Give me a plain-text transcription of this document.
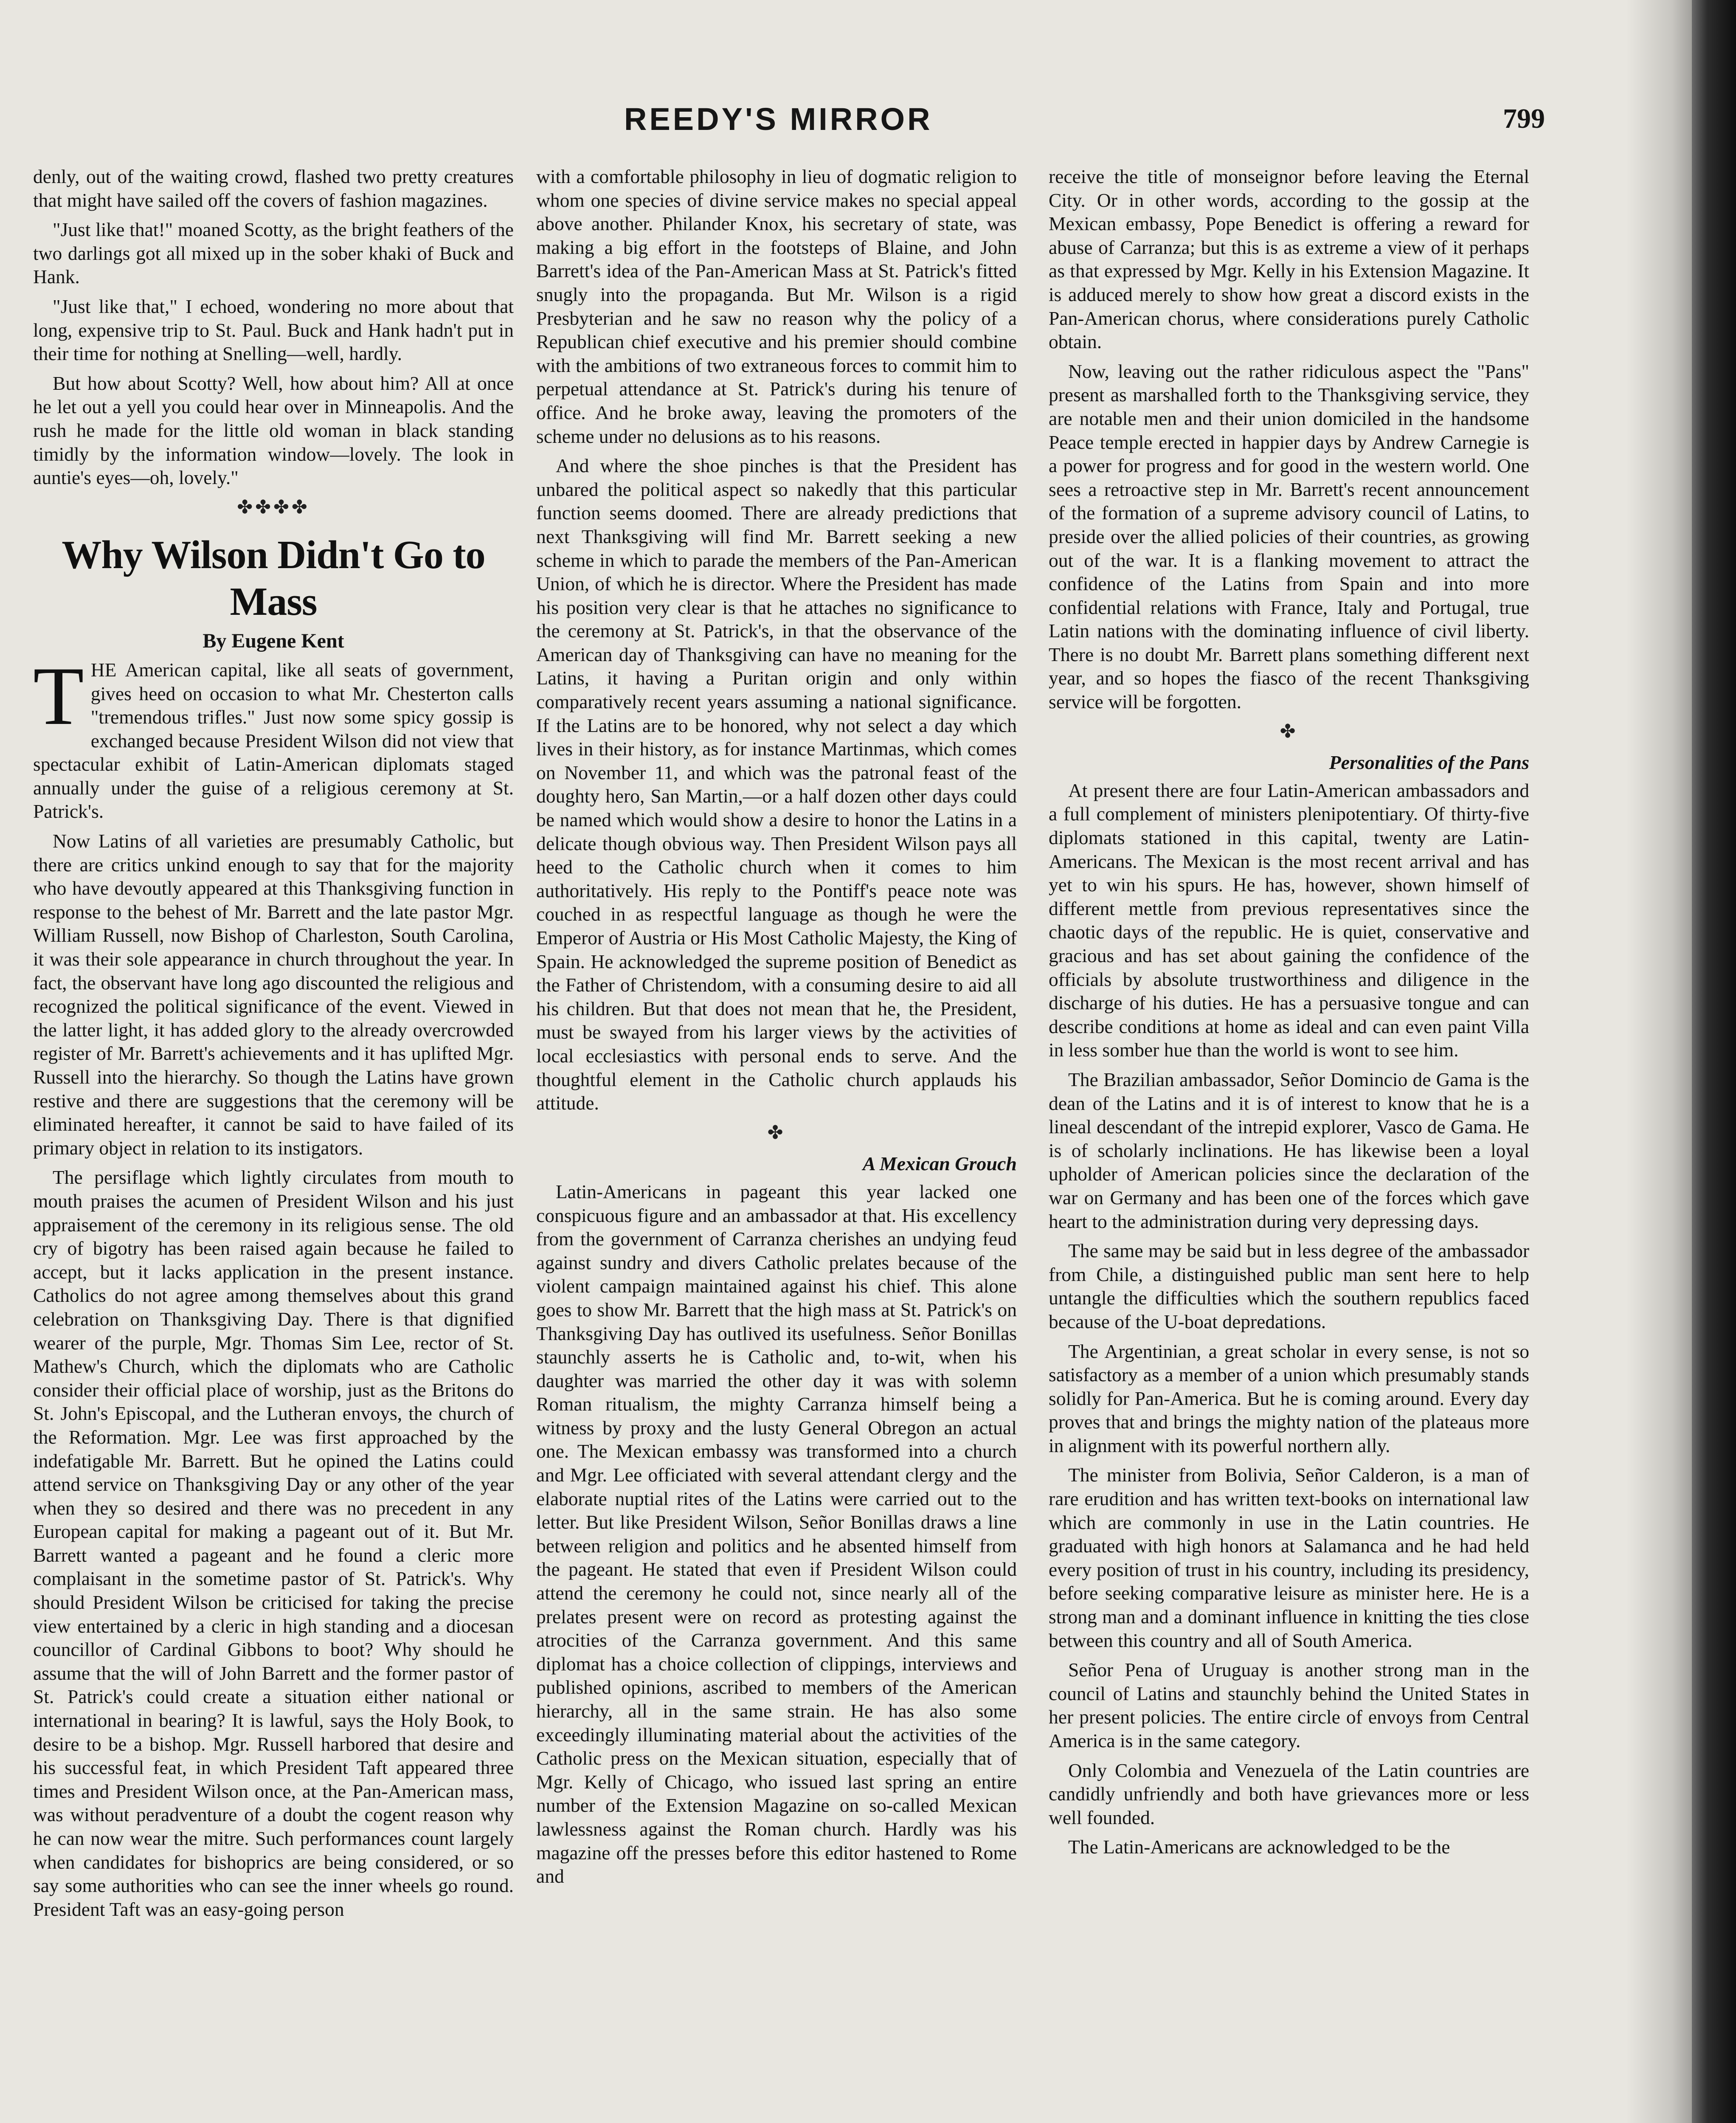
REEDY'S MIRROR	799

denly, out of the waiting crowd, flashed two pretty creatures that might have sailed off the covers of fashion magazines.

"Just like that!" moaned Scotty, as the bright feathers of the two darlings got all mixed up in the sober khaki of Buck and Hank.

"Just like that," I echoed, wondering no more about that long, expensive trip to St. Paul. Buck and Hank hadn't put in their time for nothing at Snelling—well, hardly.

But how about Scotty? Well, how about him? All at once he let out a yell you could hear over in Minneapolis. And the rush he made for the little old woman in black standing timidly by the information window—lovely. The look in auntie's eyes—oh, lovely."

✤✤✤✤
Why Wilson Didn't Go to Mass
By Eugene Kent

THE American capital, like all seats of government, gives heed on occasion to what Mr. Chesterton calls "tremendous trifles." Just now some spicy gossip is exchanged because President Wilson did not view that spectacular exhibit of Latin-American diplomats staged annually under the guise of a religious ceremony at St. Patrick's.

Now Latins of all varieties are presumably Catholic, but there are critics unkind enough to say that for the majority who have devoutly appeared at this Thanksgiving function in response to the behest of Mr. Barrett and the late pastor Mgr. William Russell, now Bishop of Charleston, South Carolina, it was their sole appearance in church throughout the year. In fact, the observant have long ago discounted the religious and recognized the political significance of the event. Viewed in the latter light, it has added glory to the already overcrowded register of Mr. Barrett's achievements and it has uplifted Mgr. Russell into the hierarchy. So though the Latins have grown restive and there are suggestions that the ceremony will be eliminated hereafter, it cannot be said to have failed of its primary object in relation to its instigators.

The persiflage which lightly circulates from mouth to mouth praises the acumen of President Wilson and his just appraisement of the ceremony in its religious sense. The old cry of bigotry has been raised again because he failed to accept, but it lacks application in the present instance. Catholics do not agree among themselves about this grand celebration on Thanksgiving Day. There is that dignified wearer of the purple, Mgr. Thomas Sim Lee, rector of St. Mathew's Church, which the diplomats who are Catholic consider their official place of worship, just as the Britons do St. John's Episcopal, and the Lutheran envoys, the church of the Reformation. Mgr. Lee was first approached by the indefatigable Mr. Barrett. But he opined the Latins could attend service on Thanksgiving Day or any other of the year when they so desired and there was no precedent in any European capital for making a pageant out of it. But Mr. Barrett wanted a pageant and he found a cleric more complaisant in the sometime pastor of St. Patrick's. Why should President Wilson be criticised for taking the precise view entertained by a cleric in high standing and a diocesan councillor of Cardinal Gibbons to boot? Why should he assume that the will of John Barrett and the former pastor of St. Patrick's could create a situation either national or international in bearing? It is lawful, says the Holy Book, to desire to be a bishop. Mgr. Russell harbored that desire and his successful feat, in which President Taft appeared three times and President Wilson once, at the Pan-American mass, was without peradventure of a doubt the cogent reason why he can now wear the mitre. Such performances count largely when candidates for bishoprics are being considered, or so say some authorities who can see the inner wheels go round. President Taft was an easy-going person

with a comfortable philosophy in lieu of dogmatic religion to whom one species of divine service makes no special appeal above another. Philander Knox, his secretary of state, was making a big effort in the footsteps of Blaine, and John Barrett's idea of the Pan-American Mass at St. Patrick's fitted snugly into the propaganda. But Mr. Wilson is a rigid Presbyterian and he saw no reason why the policy of a Republican chief executive and his premier should combine with the ambitions of two extraneous forces to commit him to perpetual attendance at St. Patrick's during his tenure of office. And he broke away, leaving the promoters of the scheme under no delusions as to his reasons.

And where the shoe pinches is that the President has unbared the political aspect so nakedly that this particular function seems doomed. There are already predictions that next Thanksgiving will find Mr. Barrett seeking a new scheme in which to parade the members of the Pan-American Union, of which he is director. Where the President has made his position very clear is that he attaches no significance to the ceremony at St. Patrick's, in that the observance of the American day of Thanksgiving can have no meaning for the Latins, it having a Puritan origin and only within comparatively recent years assuming a national significance. If the Latins are to be honored, why not select a day which lives in their history, as for instance Martinmas, which comes on November 11, and which was the patronal feast of the doughty hero, San Martin,—or a half dozen other days could be named which would show a desire to honor the Latins in a delicate though obvious way. Then President Wilson pays all heed to the Catholic church when it comes to him authoritatively. His reply to the Pontiff's peace note was couched in as respectful language as though he were the Emperor of Austria or His Most Catholic Majesty, the King of Spain. He acknowledged the supreme position of Benedict as the Father of Christendom, with a consuming desire to aid all his children. But that does not mean that he, the President, must be swayed from his larger views by the activities of local ecclesiastics with personal ends to serve. And the thoughtful element in the Catholic church applauds his attitude.

✤
A Mexican Grouch

Latin-Americans in pageant this year lacked one conspicuous figure and an ambassador at that. His excellency from the government of Carranza cherishes an undying feud against sundry and divers Catholic prelates because of the violent campaign maintained against his chief. This alone goes to show Mr. Barrett that the high mass at St. Patrick's on Thanksgiving Day has outlived its usefulness. Señor Bonillas staunchly asserts he is Catholic and, to-wit, when his daughter was married the other day it was with solemn Roman ritualism, the mighty Carranza himself being a witness by proxy and the lusty General Obregon an actual one. The Mexican embassy was transformed into a church and Mgr. Lee officiated with several attendant clergy and the elaborate nuptial rites of the Latins were carried out to the letter. But like President Wilson, Señor Bonillas draws a line between religion and politics and he absented himself from the pageant. He stated that even if President Wilson could attend the ceremony he could not, since nearly all of the prelates present were on record as protesting against the atrocities of the Carranza government. And this same diplomat has a choice collection of clippings, interviews and published opinions, ascribed to members of the American hierarchy, all in the same strain. He has also some exceedingly illuminating material about the activities of the Catholic press on the Mexican situation, especially that of Mgr. Kelly of Chicago, who issued last spring an entire number of the Extension Magazine on so-called Mexican lawlessness against the Roman church. Hardly was his magazine off the presses before this editor hastened to Rome and

receive the title of monseignor before leaving the Eternal City. Or in other words, according to the gossip at the Mexican embassy, Pope Benedict is offering a reward for abuse of Carranza; but this is as extreme a view of it perhaps as that expressed by Mgr. Kelly in his Extension Magazine. It is adduced merely to show how great a discord exists in the Pan-American chorus, where considerations purely Catholic obtain.

Now, leaving out the rather ridiculous aspect the "Pans" present as marshalled forth to the Thanksgiving service, they are notable men and their union domiciled in the handsome Peace temple erected in happier days by Andrew Carnegie is a power for progress and for good in the western world. One sees a retroactive step in Mr. Barrett's recent announcement of the formation of a supreme advisory council of Latins, to preside over the allied policies of their countries, as growing out of the war. It is a flanking movement to attract the confidence of the Latins from Spain and into more confidential relations with France, Italy and Portugal, true Latin nations with the dominating influence of civil liberty. There is no doubt Mr. Barrett plans something different next year, and so hopes the fiasco of the recent Thanksgiving service will be forgotten.

✤
Personalities of the Pans

At present there are four Latin-American ambassadors and a full complement of ministers plenipotentiary. Of thirty-five diplomats stationed in this capital, twenty are Latin-Americans. The Mexican is the most recent arrival and has yet to win his spurs. He has, however, shown himself of different mettle from previous representatives since the chaotic days of the republic. He is quiet, conservative and gracious and has set about gaining the confidence of the officials by absolute trustworthiness and diligence in the discharge of his duties. He has a persuasive tongue and can describe conditions at home as ideal and can even paint Villa in less somber hue than the world is wont to see him.

The Brazilian ambassador, Señor Domincio de Gama is the dean of the Latins and it is of interest to know that he is a lineal descendant of the intrepid explorer, Vasco de Gama. He is of scholarly inclinations. He has likewise been a loyal upholder of American policies since the declaration of the war on Germany and has been one of the forces which gave heart to the administration during very depressing days.

The same may be said but in less degree of the ambassador from Chile, a distinguished public man sent here to help untangle the difficulties which the southern republics faced because of the U-boat depredations.

The Argentinian, a great scholar in every sense, is not so satisfactory as a member of a union which presumably stands solidly for Pan-America. But he is coming around. Every day proves that and brings the mighty nation of the plateaus more in alignment with its powerful northern ally.

The minister from Bolivia, Señor Calderon, is a man of rare erudition and has written text-books on international law which are commonly in use in the Latin countries. He graduated with high honors at Salamanca and he had held every position of trust in his country, including its presidency, before seeking comparative leisure as minister here. He is a strong man and a dominant influence in knitting the ties close between this country and all of South America.

Señor Pena of Uruguay is another strong man in the council of Latins and staunchly behind the United States in her present policies. The entire circle of envoys from Central America is in the same category.

Only Colombia and Venezuela of the Latin countries are candidly unfriendly and both have grievances more or less well founded.

The Latin-Americans are acknowledged to be the
